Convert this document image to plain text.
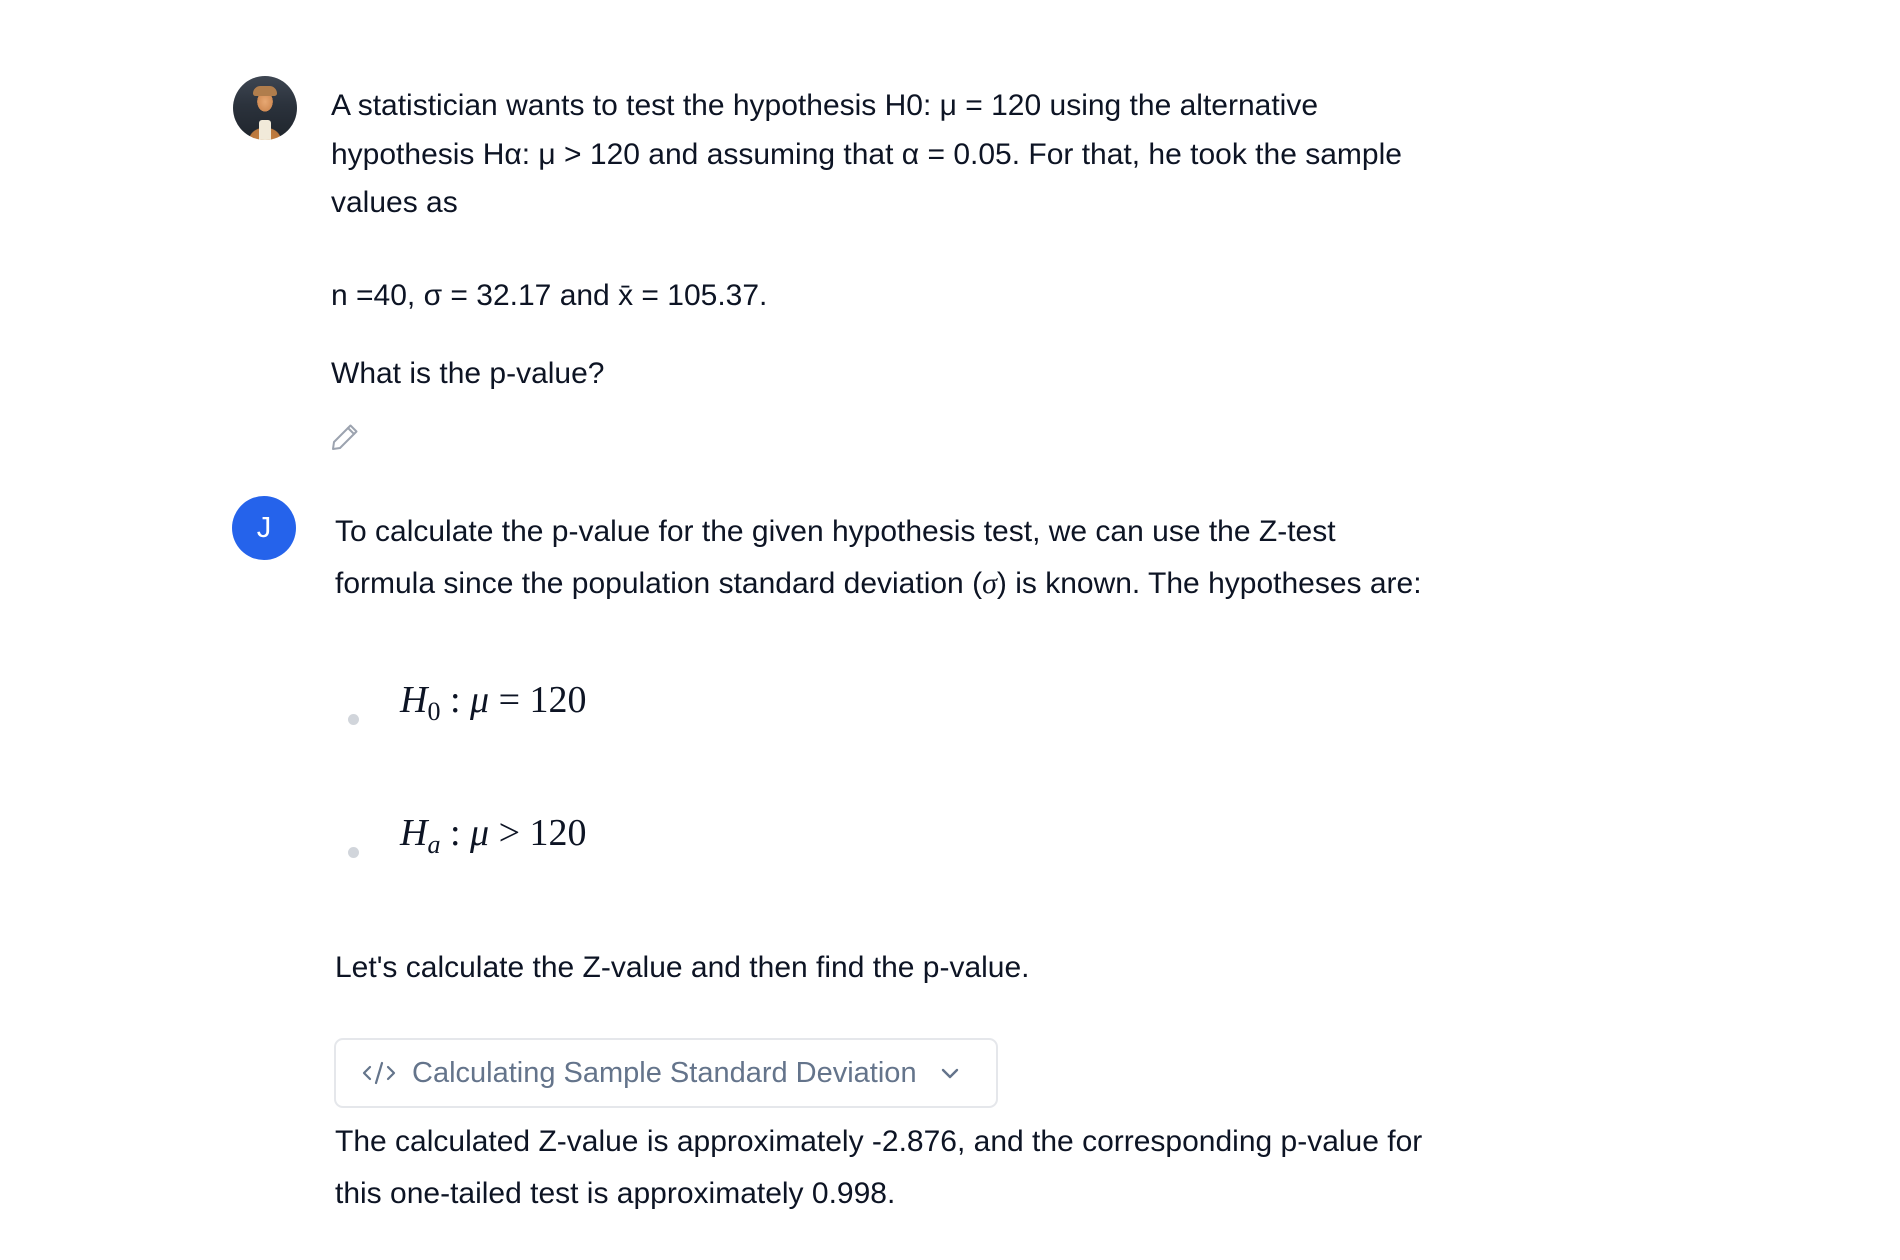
A statistician wants to test the hypothesis H0: μ = 120 using the alternative

hypothesis Hα: μ > 120 and assuming that α = 0.05. For that, he took the sample

values as

n =40, σ = 32.17 and x̄ = 105.37.

What is the p-value?

J To calculate the p-value for the given hypothesis test, we can use the Z-test
formula since the population standard deviation (σ) is known. The hypotheses are:
$H_0$ : μ = 120
$H_a$ : μ > 120
Let's calculate the Z-value and then find the p-value.
Calculating Sample Standard Deviation
The calculated Z-value is approximately -2.876, and the corresponding p-value for
this one-tailed test is approximately 0.998.
